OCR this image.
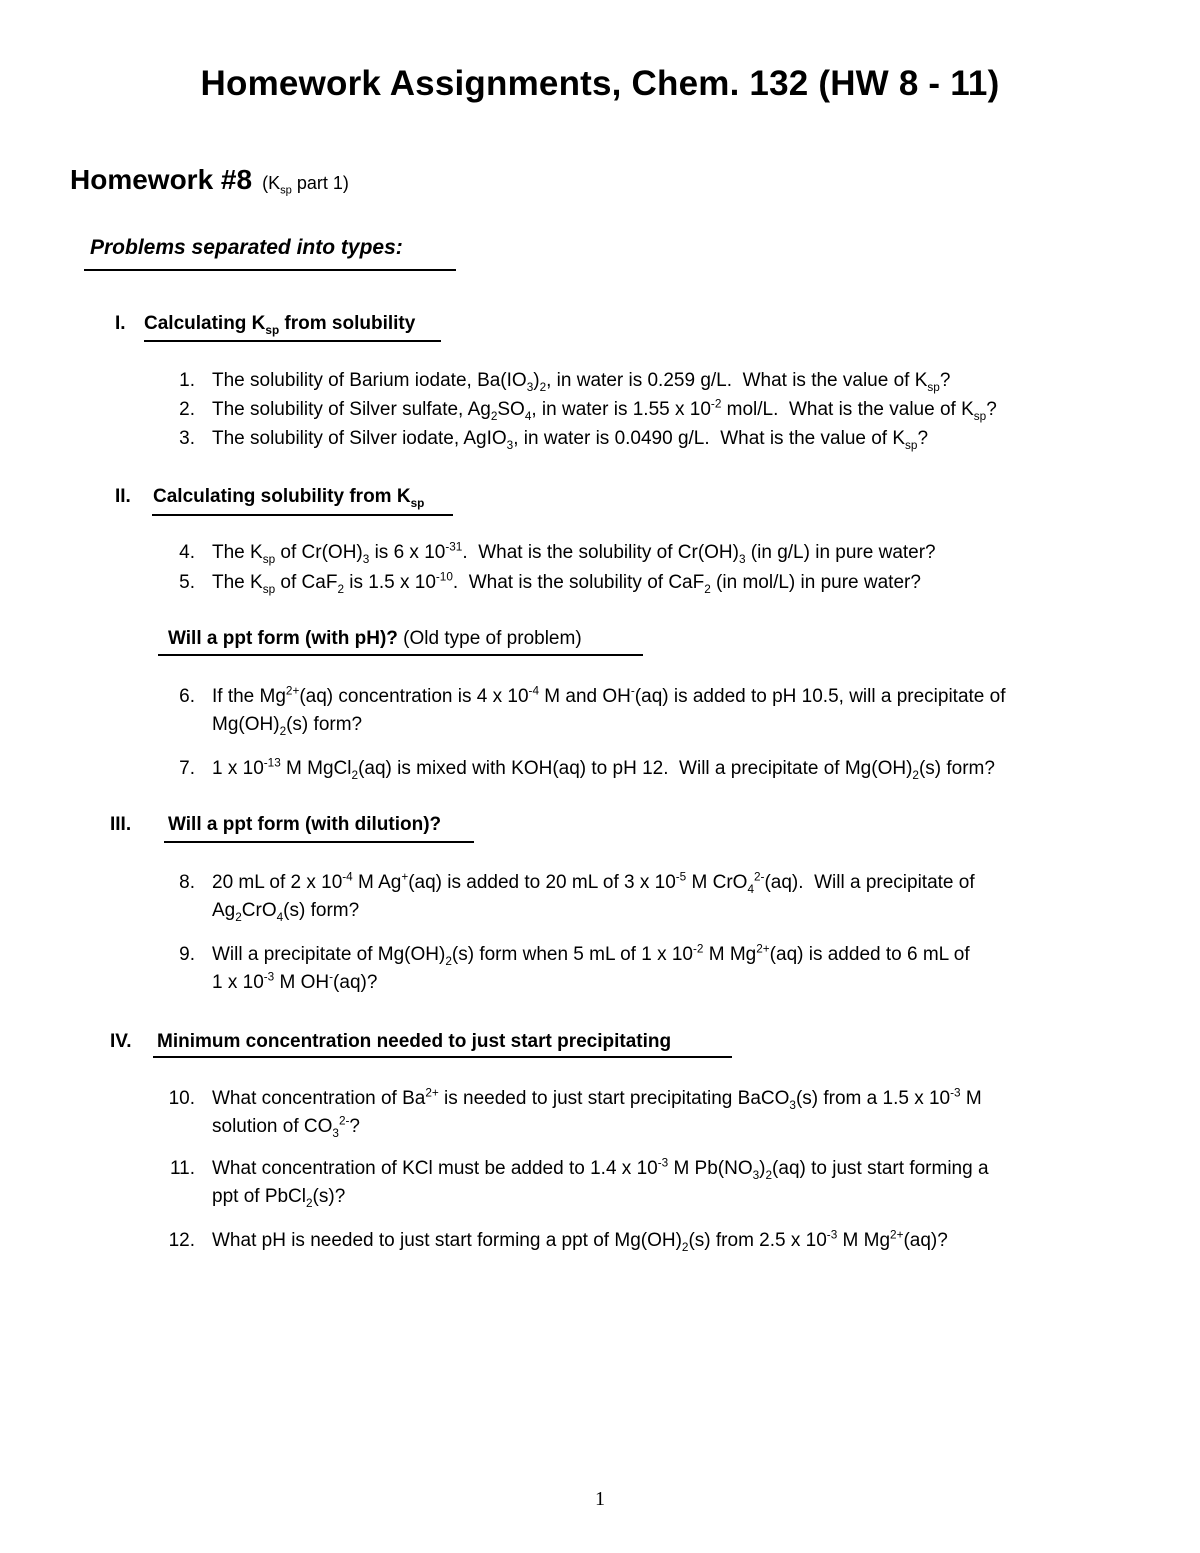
Homework Assignments, Chem. 132 (HW 8 - 11)
Homework #8 ($K_{sp}$ part 1)
Problems separated into types:
I. Calculating $K_{sp}$ from solubility
1. The solubility of Barium iodate, $Ba(IO_3)_2$, in water is 0.259 g/L.  What is the value of $K_{sp}$?
2. The solubility of Silver sulfate, $Ag_2SO_4$, in water is 1.55 x $10^{-2}$ mol/L.  What is the value of $K_{sp}$?
3. The solubility of Silver iodate, AgIO$_3$, in water is 0.0490 g/L.  What is the value of $K_{sp}$?
II. Calculating solubility from $K_{sp}$
4. The $K_{sp}$ of $Cr(OH)_3$ is 6 x $10^{-31}$.  What is the solubility of $Cr(OH)_3$ (in g/L) in pure water?
5. The $K_{sp}$ of CaF$_2$ is 1.5 x $10^{-10}$.  What is the solubility of CaF$_2$ (in mol/L) in pure water?
Will a ppt form (with pH)? (Old type of problem)
6. If the $Mg^{2+}(aq)$ concentration is 4 x $10^{-4}$ M and OH-(aq) is added to pH 10.5, will a precipitate of
$Mg(OH)_2(s)$ form?
7. 1 x $10^{-13}$ M MgCl$_2$(aq) is mixed with KOH(aq) to pH 12.  Will a precipitate of $Mg(OH)_2(s)$ form?
III. Will a ppt form (with dilution)?
8. 20 mL of 2 x $10^{-4}$ M Ag+(aq) is added to 20 mL of 3 x $10^{-5}$ M CrO$_4^{2-}$(aq).  Will a precipitate of
$Ag_2CrO_4(s)$ form?
9. Will a precipitate of $Mg(OH)_2(s)$ form when 5 mL of 1 x $10^{-2}$ M $Mg^{2+}(aq)$ is added to 6 mL of
1 x $10^{-3}$ M OH-(aq)?
IV. Minimum concentration needed to just start precipitating
10. What concentration of $Ba^{2+}$ is needed to just start precipitating BaCO$_3$(s) from a 1.5 x $10^{-3}$ M
solution of $CO_3^{2-}$?
11. What concentration of KCl must be added to 1.4 x $10^{-3}$ M $Pb(NO_3)_2(aq)$ to just start forming a
ppt of PbCl$_2$(s)?
12. What pH is needed to just start forming a ppt of $Mg(OH)_2(s)$ from 2.5 x $10^{-3}$ M $Mg^{2+}(aq)$?
1
